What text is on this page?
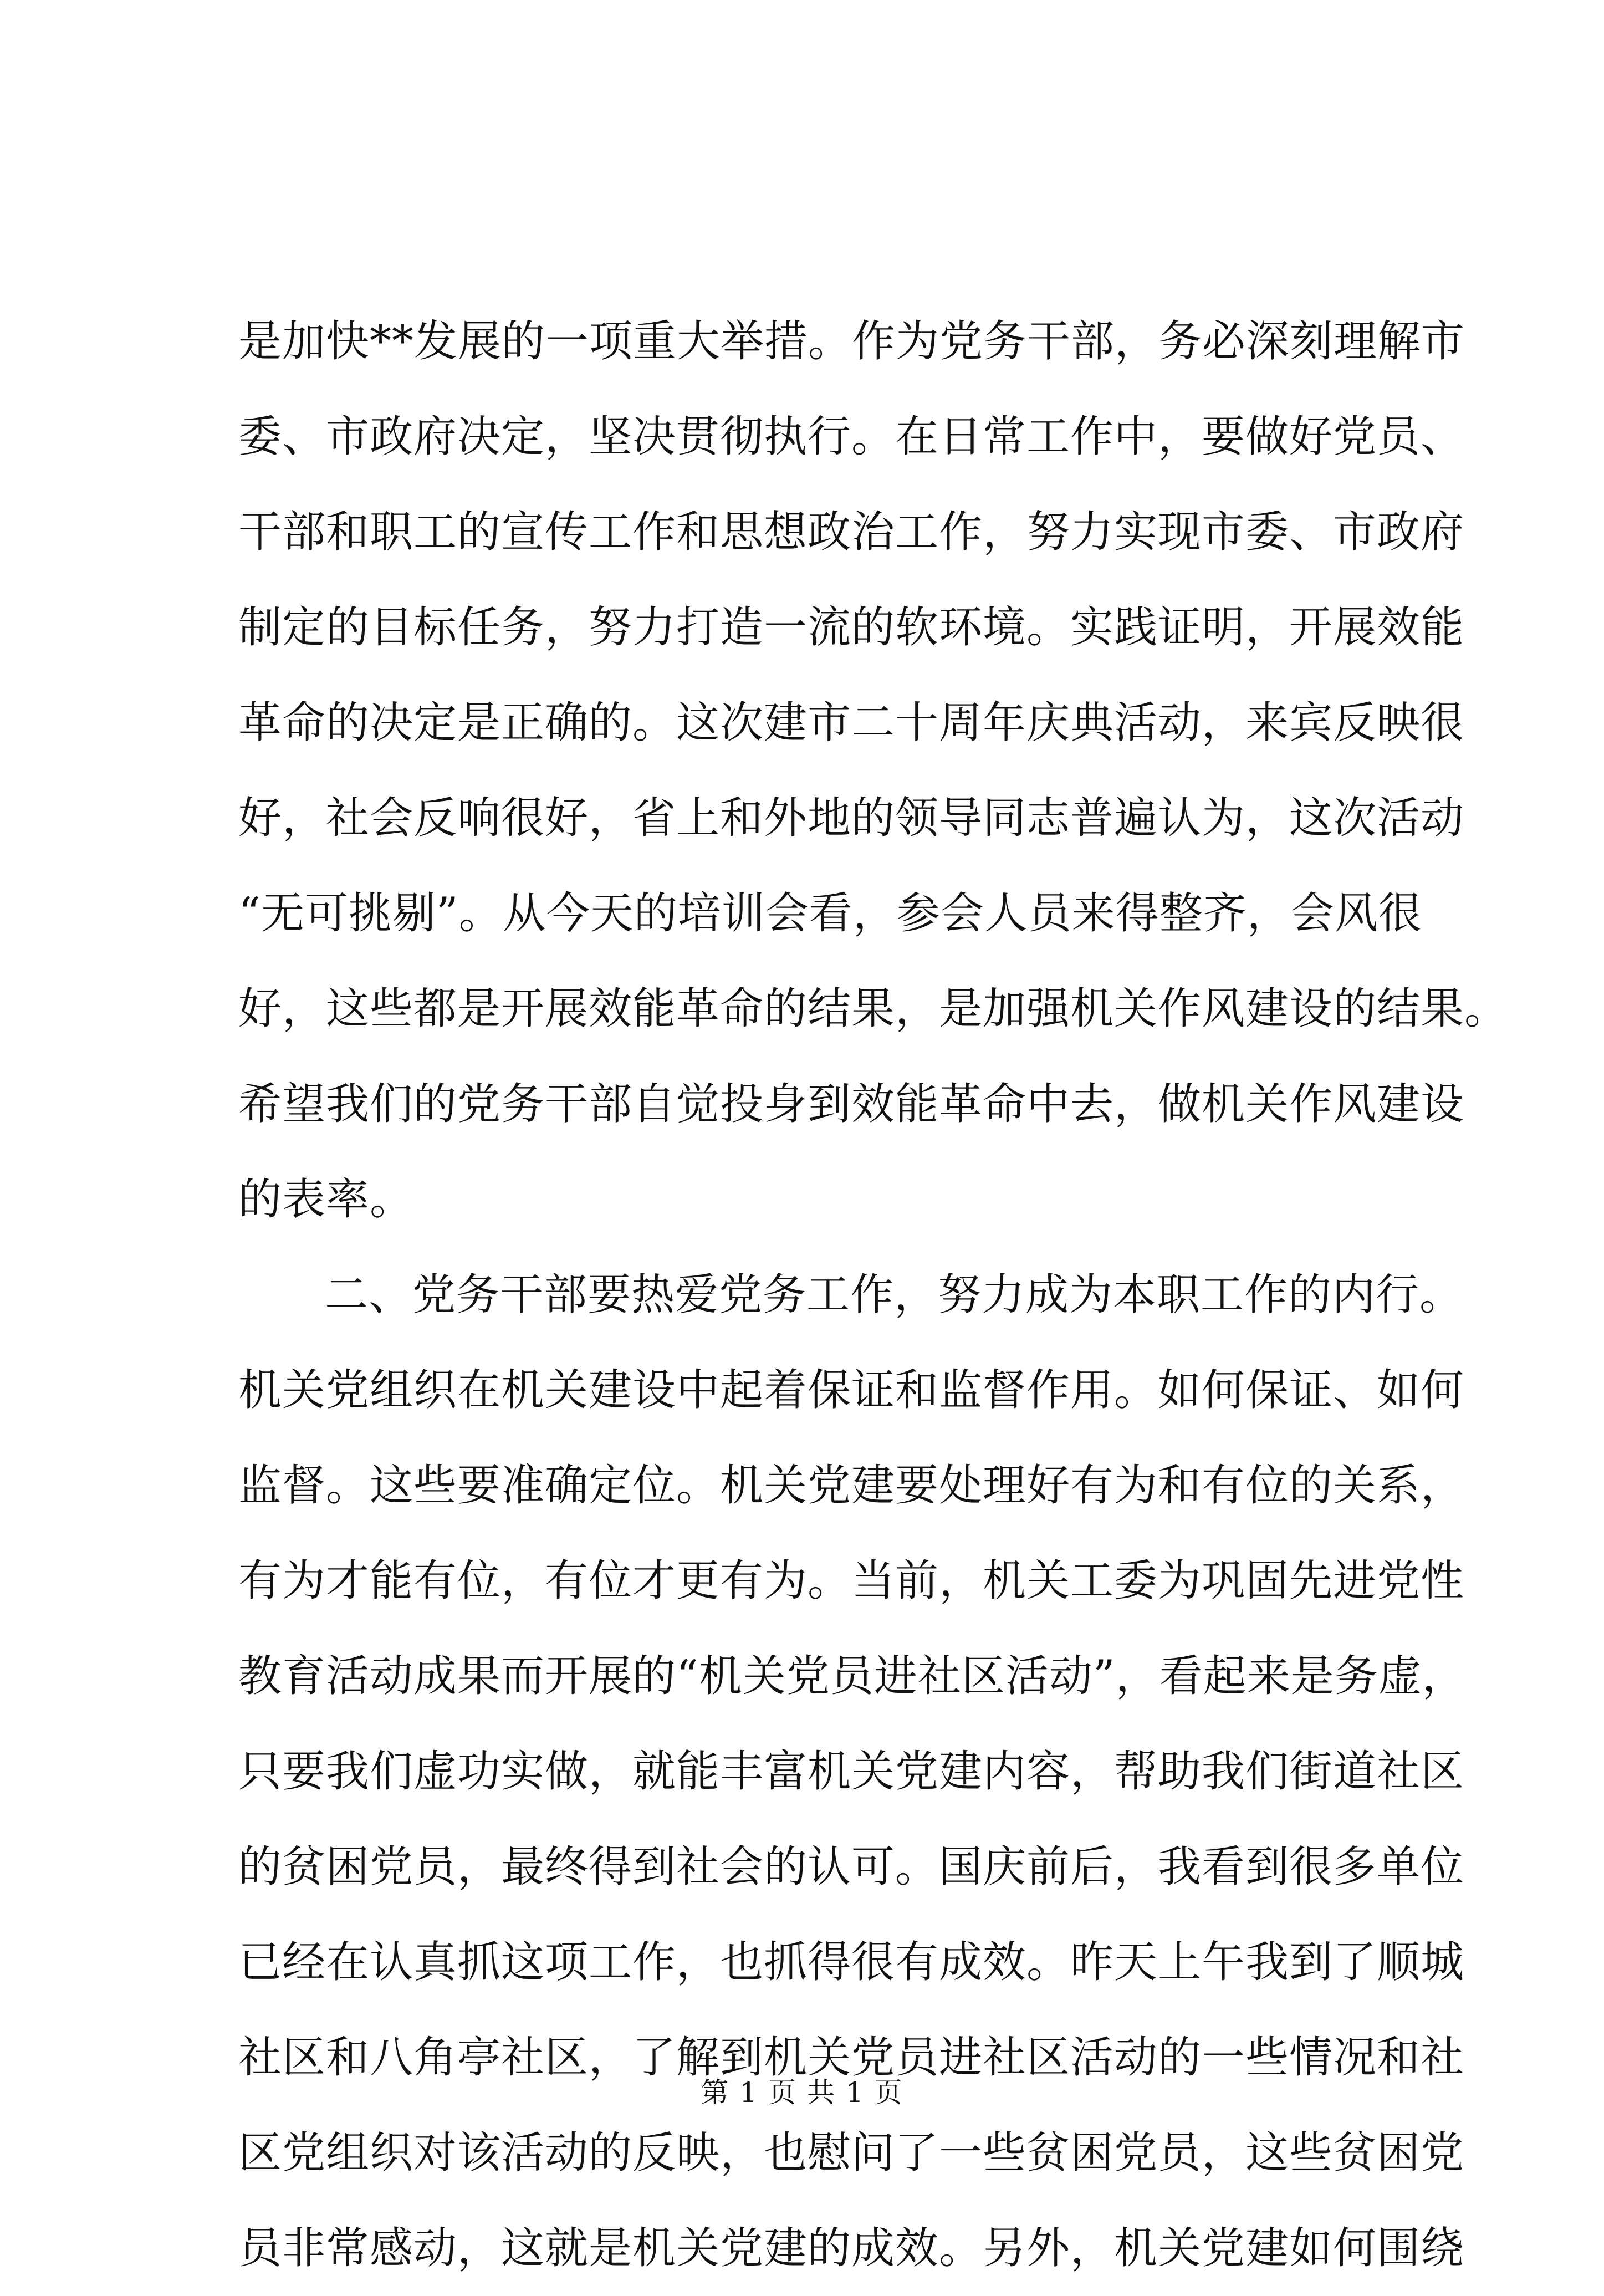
是加快**发展的一项重大举措。作为党务干部，务必深刻理解市
委、市政府决定，坚决贯彻执行。在日常工作中，要做好党员、
干部和职工的宣传工作和思想政治工作，努力实现市委、市政府
制定的目标任务，努力打造一流的软环境。实践证明，开展效能
革命的决定是正确的。这次建市二十周年庆典活动，来宾反映很
好，社会反响很好，省上和外地的领导同志普遍认为，这次活动
“无可挑剔”。从今天的培训会看，参会人员来得整齐，会风很
好，这些都是开展效能革命的结果，是加强机关作风建设的结果。
希望我们的党务干部自觉投身到效能革命中去，做机关作风建设
的表率。
二、党务干部要热爱党务工作，努力成为本职工作的内行。
机关党组织在机关建设中起着保证和监督作用。如何保证、如何
监督。这些要准确定位。机关党建要处理好有为和有位的关系，
有为才能有位，有位才更有为。当前，机关工委为巩固先进党性
教育活动成果而开展的“机关党员进社区活动”，看起来是务虚，
只要我们虚功实做，就能丰富机关党建内容，帮助我们街道社区
的贫困党员，最终得到社会的认可。国庆前后，我看到很多单位
已经在认真抓这项工作，也抓得很有成效。昨天上午我到了顺城
社区和八角亭社区，了解到机关党员进社区活动的一些情况和社
区党组织对该活动的反映，也慰问了一些贫困党员，这些贫困党
员非常感动，这就是机关党建的成效。另外，机关党建如何围绕
第 1 页 共 1 页
